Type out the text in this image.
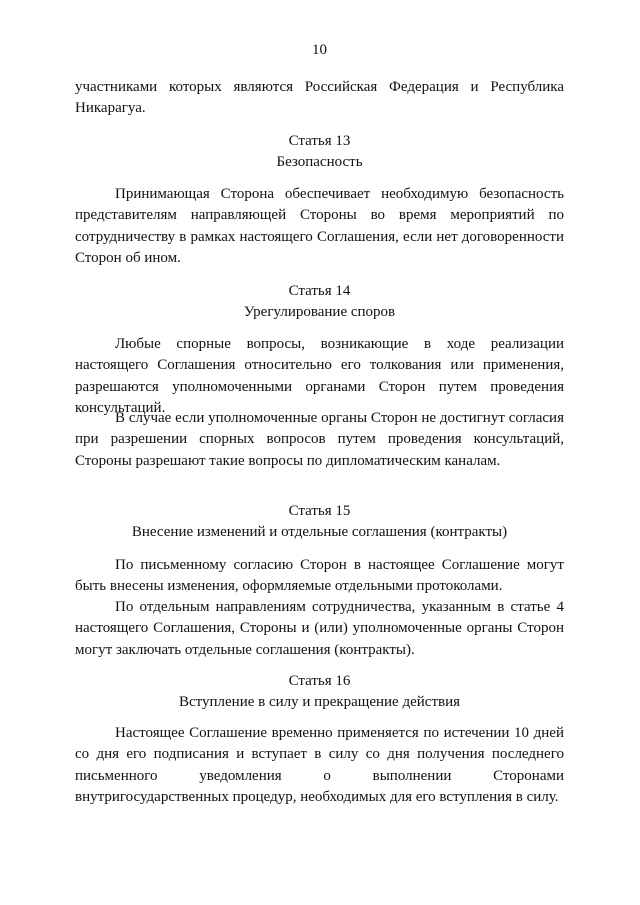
10

участниками которых являются Российская Федерация и Республика Никарагуа.

Статья 13
Безопасность

Принимающая Сторона обеспечивает необходимую безопасность представителям направляющей Стороны во время мероприятий по сотрудничеству в рамках настоящего Соглашения, если нет договоренности Сторон об ином.

Статья 14
Урегулирование споров

Любые спорные вопросы, возникающие в ходе реализации настоящего Соглашения относительно его толкования или применения, разрешаются уполномоченными органами Сторон путем проведения консультаций.

В случае если уполномоченные органы Сторон не достигнут согласия при разрешении спорных вопросов путем проведения консультаций, Стороны разрешают такие вопросы по дипломатическим каналам.

Статья 15
Внесение изменений и отдельные соглашения (контракты)

По письменному согласию Сторон в настоящее Соглашение могут быть внесены изменения, оформляемые отдельными протоколами.

По отдельным направлениям сотрудничества, указанным в статье 4 настоящего Соглашения, Стороны и (или) уполномоченные органы Сторон могут заключать отдельные соглашения (контракты).

Статья 16
Вступление в силу и прекращение действия

Настоящее Соглашение временно применяется по истечении 10 дней со дня его подписания и вступает в силу со дня получения последнего письменного уведомления о выполнении Сторонами внутригосударственных процедур, необходимых для его вступления в силу.
